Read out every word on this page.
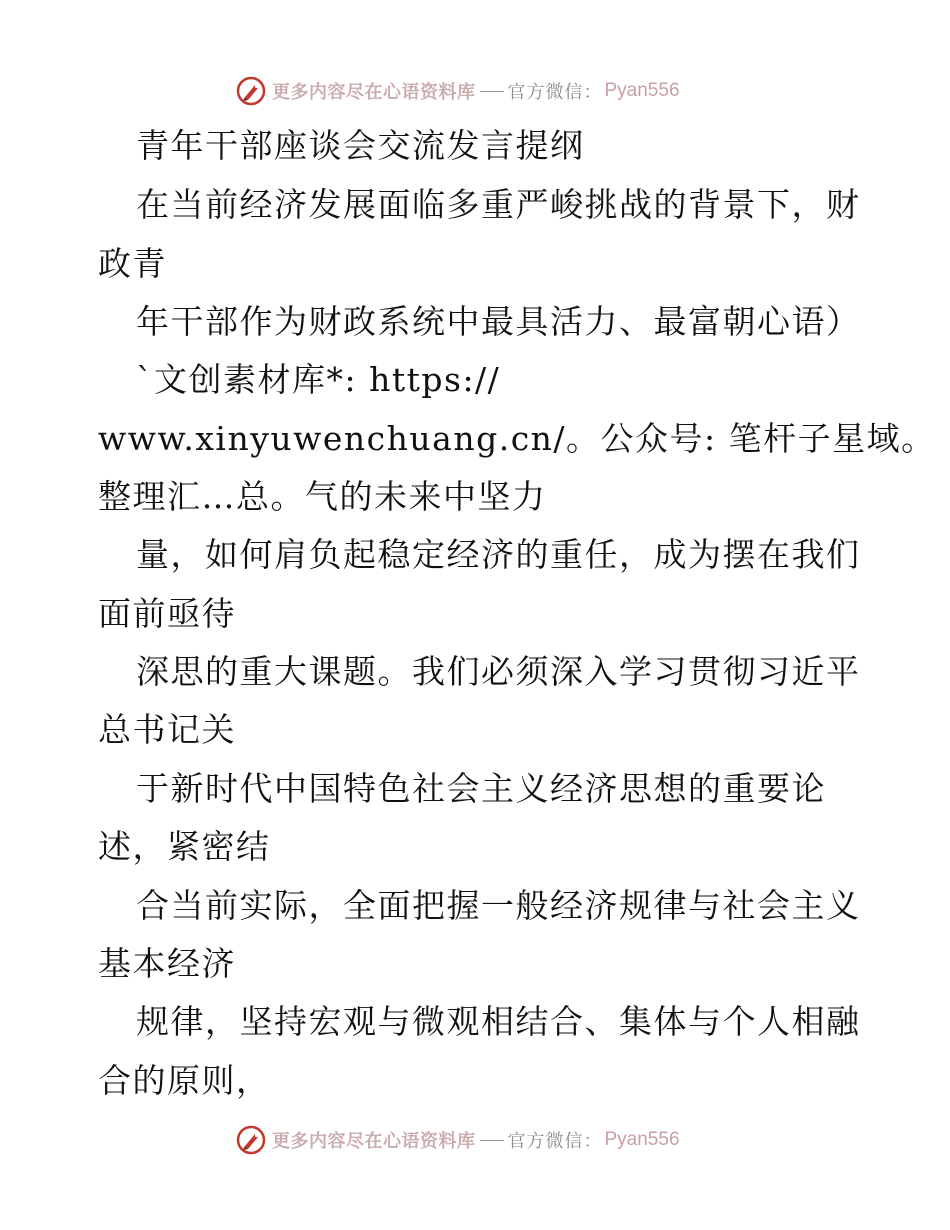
更多内容尽在心语资料库 官方微信： Pyan556

青年干部座谈会交流发言提纲

在当前经济发展面临多重严峻挑战的背景下，财

政青

年干部作为财政系统中最具活力、最富朝心语）

`文创素材库*: https://

www.xinyuwenchuang.cn/。公众号: 笔杆子星域。

整理汇…总。气的未来中坚力

量，如何肩负起稳定经济的重任，成为摆在我们

面前亟待

深思的重大课题。我们必须深入学习贯彻习近平

总书记关

于新时代中国特色社会主义经济思想的重要论

述，紧密结

合当前实际，全面把握一般经济规律与社会主义

基本经济

规律，坚持宏观与微观相结合、集体与个人相融

合的原则，

更多内容尽在心语资料库 官方微信： Pyan556
